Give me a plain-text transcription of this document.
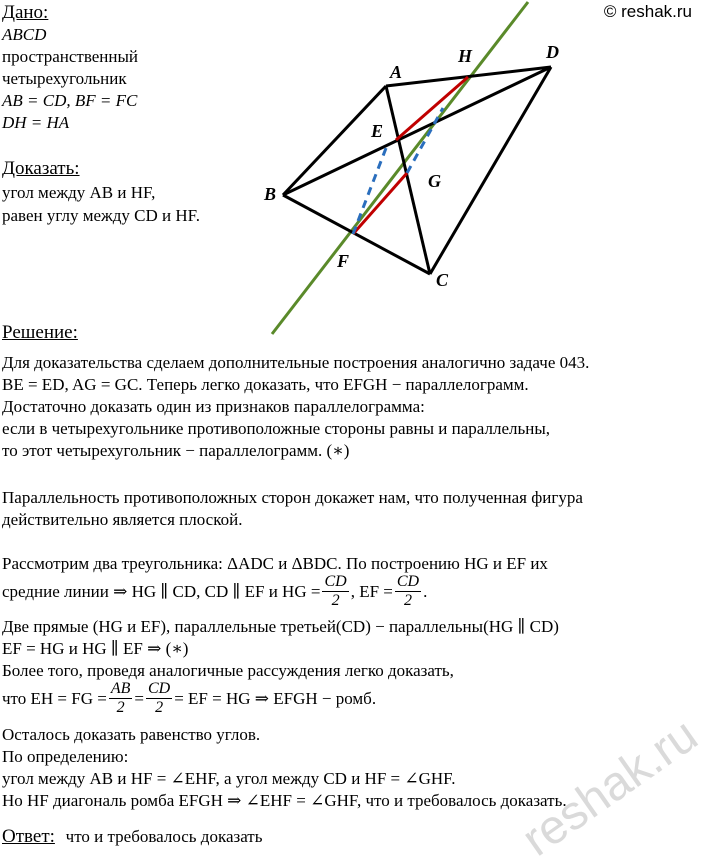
© reshak.ru
reshak.ru
Дано:
ABCD
пространственный
четырехугольник
AB = CD, BF = FC
DH = HA
Доказать:
угол между AB и HF,
равен углу между CD и HF.
A
B
C
D
E
F
G
H
Решение:
Для доказательства сделаем дополнительные построения аналогично задаче 043.
BE = ED, AG = GC. Теперь легко доказать, что EFGH − параллелограмм.
Достаточно доказать один из признаков параллелограмма:
если в четырехугольнике противоположные стороны равны и параллельны,
то этот четырехугольник − параллелограмм. (∗)
Параллельность противоположных сторон докажет нам, что полученная фигура
действительно является плоской.
Рассмотрим два треугольника: ΔADC и ΔBDC. По построению HG и EF их
средние линии ⇒ HG ∥ CD, CD ∥ EF и HG = $\frac{CD}{2}$ , EF = $\frac{CD}{2}$ .
Две прямые (HG и EF), параллельные третьей(CD) − параллельны(HG ∥ CD)
EF = HG и HG ∥ EF ⇒ (∗)
Более того, проведя аналогичные рассуждения легко доказать,
что EH = FG = $\frac{AB}{2} = \frac{CD}{2}$ = EF = HG ⇒ EFGH − ромб.
Осталось доказать равенство углов.
По определению:
угол между AB и HF = ∠EHF, а угол между CD и HF = ∠GHF.
Но HF диагональ ромба EFGH ⇒ ∠EHF = ∠GHF, что и требовалось доказать.
Ответ: что и требовалось доказать
